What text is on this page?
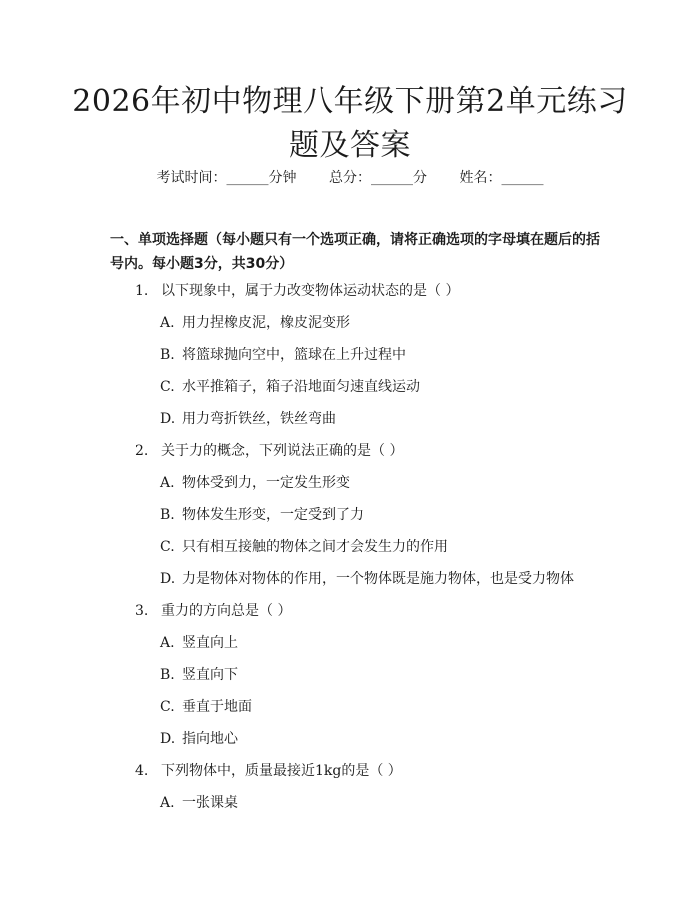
2026年初中物理八年级下册第2单元练习题及答案
考试时间：______分钟 总分：______分 姓名：______
一、单项选择题（每小题只有一个选项正确，请将正确选项的字母填在题后的括号内。每小题3分，共30分）
1. 以下现象中，属于力改变物体运动状态的是（ ）
A. 用力捏橡皮泥，橡皮泥变形
B. 将篮球抛向空中，篮球在上升过程中
C. 水平推箱子，箱子沿地面匀速直线运动
D. 用力弯折铁丝，铁丝弯曲
2. 关于力的概念，下列说法正确的是（ ）
A. 物体受到力，一定发生形变
B. 物体发生形变，一定受到了力
C. 只有相互接触的物体之间才会发生力的作用
D. 力是物体对物体的作用，一个物体既是施力物体，也是受力物体
3. 重力的方向总是（ ）
A. 竖直向上
B. 竖直向下
C. 垂直于地面
D. 指向地心
4. 下列物体中，质量最接近1kg的是（ ）
A. 一张课桌
